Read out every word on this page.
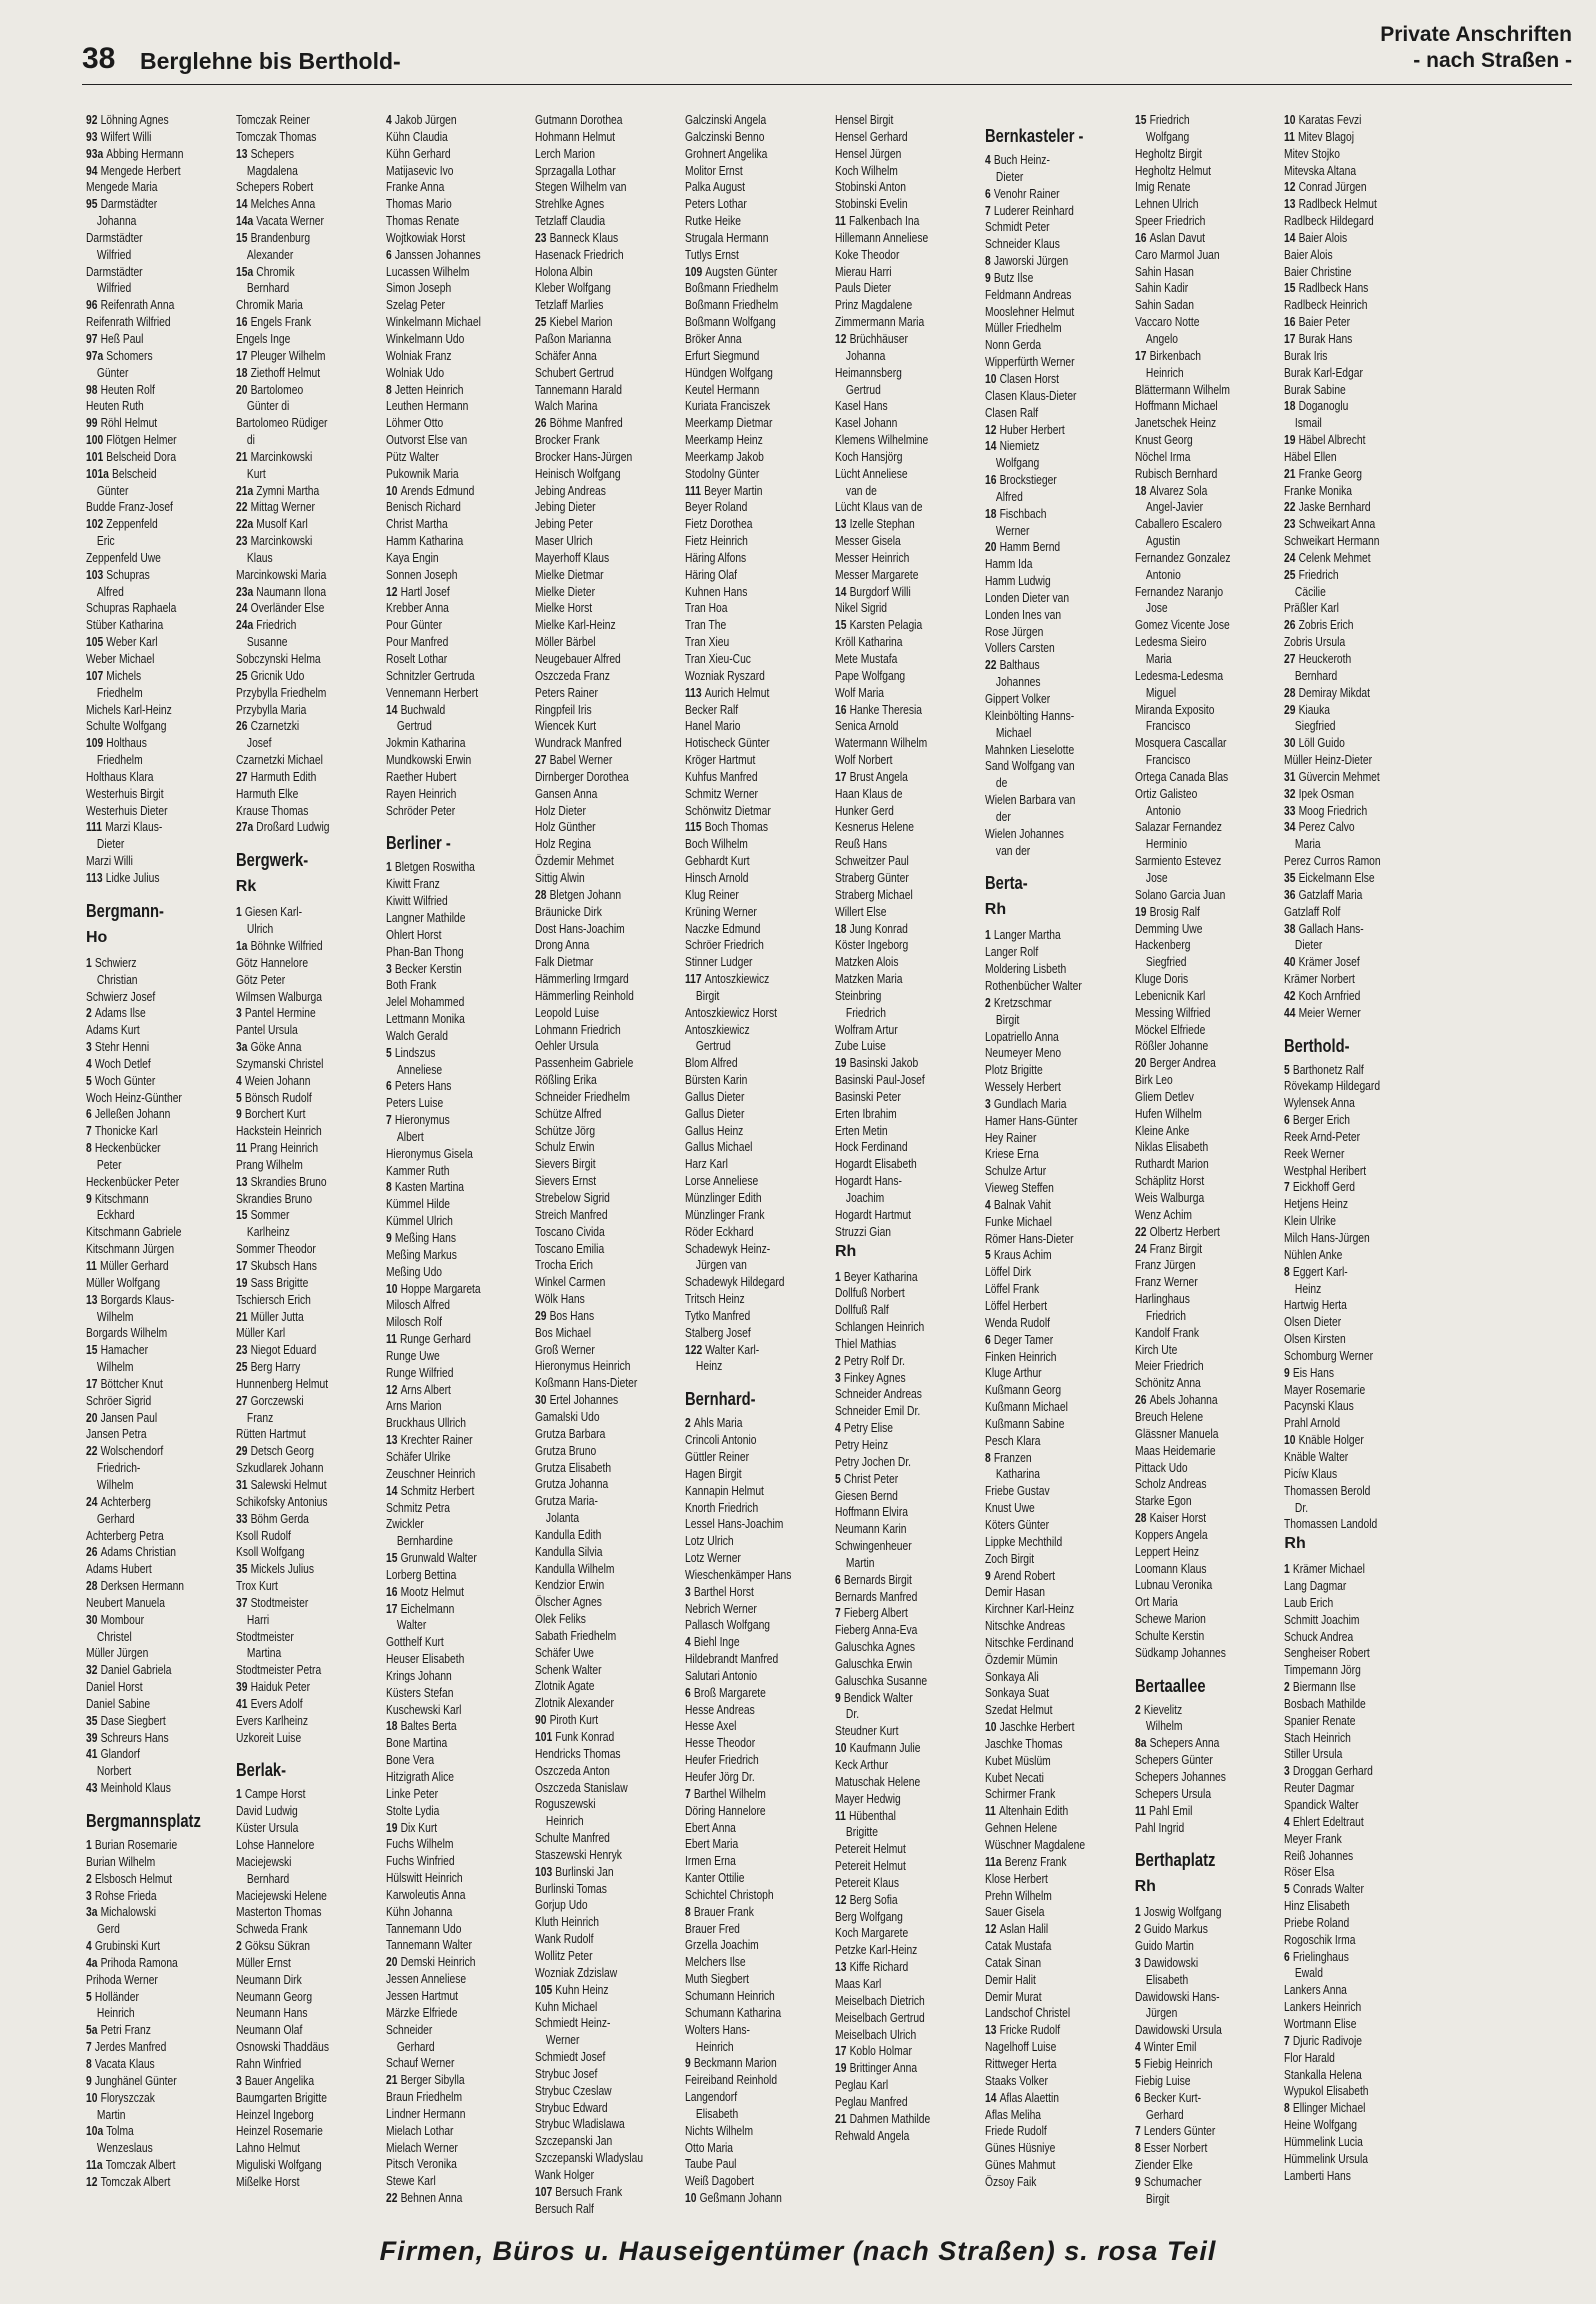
38 Berglehne bis Berthold-
Private Anschriften
- nach Straßen -
92 Löhning Agnes
93 Wilfert Willi
93a Abbing Hermann
94 Mengede Herbert
Mengede Maria
95 Darmstädter
Johanna
Darmstädter
Wilfried
Darmstädter
Wilfried
96 Reifenrath Anna
Reifenrath Wilfried
97 Heß Paul
97a Schomers
Günter
98 Heuten Rolf
Heuten Ruth
99 Röhl Helmut
100 Flötgen Helmer
101 Belscheid Dora
101a Belscheid
Günter
Budde Franz-Josef
102 Zeppenfeld
Eric
Zeppenfeld Uwe
103 Schupras
Alfred
Schupras Raphaela
Stüber Katharina
105 Weber Karl
Weber Michael
107 Michels
Friedhelm
Michels Karl-Heinz
Schulte Wolfgang
109 Holthaus
Friedhelm
Holthaus Klara
Westerhuis Birgit
Westerhuis Dieter
111 Marzi Klaus-
Dieter
Marzi Willi
113 Lidke Julius
Bergmann-
Ho
1 Schwierz
Christian
Schwierz Josef
2 Adams Ilse
Adams Kurt
3 Stehr Henni
4 Woch Detlef
5 Woch Günter
Woch Heinz-Günther
6 Jelleßen Johann
7 Thonicke Karl
8 Heckenbücker
Peter
Heckenbücker Peter
9 Kitschmann
Eckhard
Kitschmann Gabriele
Kitschmann Jürgen
11 Müller Gerhard
Müller Wolfgang
13 Borgards Klaus-
Wilhelm
Borgards Wilhelm
15 Hamacher
Wilhelm
17 Böttcher Knut
Schröer Sigrid
20 Jansen Paul
Jansen Petra
22 Wolschendorf
Friedrich-
Wilhelm
24 Achterberg
Gerhard
Achterberg Petra
26 Adams Christian
Adams Hubert
28 Derksen Hermann
Neubert Manuela
30 Mombour
Christel
Müller Jürgen
32 Daniel Gabriela
Daniel Horst
Daniel Sabine
35 Dase Siegbert
39 Schreurs Hans
41 Glandorf
Norbert
43 Meinhold Klaus
Bergmannsplatz
1 Burian Rosemarie
Burian Wilhelm
2 Elsbosch Helmut
3 Rohse Frieda
3a Michalowski
Gerd
4 Grubinski Kurt
4a Prihoda Ramona
Prihoda Werner
5 Holländer
Heinrich
5a Petri Franz
7 Jerdes Manfred
8 Vacata Klaus
9 Junghänel Günter
10 Floryszczak
Martin
10a Tolma
Wenzeslaus
11a Tomczak Albert
12 Tomczak Albert
Tomczak Reiner
Tomczak Thomas
13 Schepers
Magdalena
Schepers Robert
14 Melches Anna
14a Vacata Werner
15 Brandenburg
Alexander
15a Chromik
Bernhard
Chromik Maria
16 Engels Frank
Engels Inge
17 Pleuger Wilhelm
18 Ziethoff Helmut
20 Bartolomeo
Günter di
Bartolomeo Rüdiger
di
21 Marcinkowski
Kurt
21a Zymni Martha
22 Mittag Werner
22a Musolf Karl
23 Marcinkowski
Klaus
Marcinkowski Maria
23a Naumann Ilona
24 Overländer Else
24a Friedrich
Susanne
Sobczynski Helma
25 Gricnik Udo
Przybylla Friedhelm
Przybylla Maria
26 Czarnetzki
Josef
Czarnetzki Michael
27 Harmuth Edith
Harmuth Elke
Krause Thomas
27a Droßard Ludwig
Bergwerk-
Rk
1 Giesen Karl-
Ulrich
1a Böhnke Wilfried
Götz Hannelore
Götz Peter
Wilmsen Walburga
3 Pantel Hermine
Pantel Ursula
3a Göke Anna
Szymanski Christel
4 Weien Johann
5 Bönsch Rudolf
9 Borchert Kurt
Hackstein Heinrich
11 Prang Heinrich
Prang Wilhelm
13 Skrandies Bruno
Skrandies Bruno
15 Sommer
Karlheinz
Sommer Theodor
17 Skubsch Hans
19 Sass Brigitte
Tschiersch Erich
21 Müller Jutta
Müller Karl
23 Niegot Eduard
25 Berg Harry
Hunnenberg Helmut
27 Gorczewski
Franz
Rütten Hartmut
29 Detsch Georg
Szkudlarek Johann
31 Salewski Helmut
Schikofsky Antonius
33 Böhm Gerda
Ksoll Rudolf
Ksoll Wolfgang
35 Mickels Julius
Trox Kurt
37 Stodtmeister
Harri
Stodtmeister
Martina
Stodtmeister Petra
39 Haiduk Peter
41 Evers Adolf
Evers Karlheinz
Uzkoreit Luise
Berlak-
1 Campe Horst
David Ludwig
Küster Ursula
Lohse Hannelore
Maciejewski
Bernhard
Maciejewski Helene
Masterton Thomas
Schweda Frank
2 Göksu Sükran
Müller Ernst
Neumann Dirk
Neumann Georg
Neumann Hans
Neumann Olaf
Osnowski Thaddäus
Rahn Winfried
3 Bauer Angelika
Baumgarten Brigitte
Heinzel Ingeborg
Heinzel Rosemarie
Lahno Helmut
Miguliski Wolfgang
Mißelke Horst
4 Jakob Jürgen
Kühn Claudia
Kühn Gerhard
Matijasevic Ivo
Franke Anna
Thomas Mario
Thomas Renate
Wojtkowiak Horst
6 Janssen Johannes
Lucassen Wilhelm
Simon Joseph
Szelag Peter
Winkelmann Michael
Winkelmann Udo
Wolniak Franz
Wolniak Udo
8 Jetten Heinrich
Leuthen Hermann
Löhmer Otto
Outvorst Else van
Pütz Walter
Pukownik Maria
10 Arends Edmund
Benisch Richard
Christ Martha
Hamm Katharina
Kaya Engin
Sonnen Joseph
12 Hartl Josef
Krebber Anna
Pour Günter
Pour Manfred
Roselt Lothar
Schnitzler Gertruda
Vennemann Herbert
14 Buchwald
Gertrud
Jokmin Katharina
Mundkowski Erwin
Raether Hubert
Rayen Heinrich
Schröder Peter
Berliner -
1 Bletgen Roswitha
Kiwitt Franz
Kiwitt Wilfried
Langner Mathilde
Ohlert Horst
Phan-Ban Thong
3 Becker Kerstin
Both Frank
Jelel Mohammed
Lettmann Monika
Walch Gerald
5 Lindszus
Anneliese
6 Peters Hans
Peters Luise
7 Hieronymus
Albert
Hieronymus Gisela
Kammer Ruth
8 Kasten Martina
Kümmel Hilde
Kümmel Ulrich
9 Meßing Hans
Meßing Markus
Meßing Udo
10 Hoppe Margareta
Milosch Alfred
Milosch Rolf
11 Runge Gerhard
Runge Uwe
Runge Wilfried
12 Arns Albert
Arns Marion
Bruckhaus Ullrich
13 Krechter Rainer
Schäfer Ulrike
Zeuschner Heinrich
14 Schmitz Herbert
Schmitz Petra
Zwickler
Bernhardine
15 Grunwald Walter
Lorberg Bettina
16 Mootz Helmut
17 Eichelmann
Walter
Gotthelf Kurt
Heuser Elisabeth
Krings Johann
Küsters Stefan
Kuschewski Karl
18 Baltes Berta
Bone Martina
Bone Vera
Hitzigrath Alice
Linke Peter
Stolte Lydia
19 Dix Kurt
Fuchs Wilhelm
Fuchs Winfried
Hülswitt Heinrich
Karwoleutis Anna
Kühn Johanna
Tannemann Udo
Tannemann Walter
20 Demski Heinrich
Jessen Anneliese
Jessen Hartmut
Märzke Elfriede
Schneider
Gerhard
Schauf Werner
21 Berger Sibylla
Braun Friedhelm
Lindner Hermann
Mielach Lothar
Mielach Werner
Pitsch Veronika
Stewe Karl
22 Behnen Anna
Gutmann Dorothea
Hohmann Helmut
Lerch Marion
Sprzagalla Lothar
Stegen Wilhelm van
Strehlke Agnes
Tetzlaff Claudia
23 Banneck Klaus
Hasenack Friedrich
Holona Albin
Kleber Wolfgang
Tetzlaff Marlies
25 Kiebel Marion
Paßon Marianna
Schäfer Anna
Schubert Gertrud
Tannemann Harald
Walch Marina
26 Böhme Manfred
Brocker Frank
Brocker Hans-Jürgen
Heinisch Wolfgang
Jebing Andreas
Jebing Dieter
Jebing Peter
Maser Ulrich
Mayerhoff Klaus
Mielke Dietmar
Mielke Dieter
Mielke Horst
Mielke Karl-Heinz
Möller Bärbel
Neugebauer Alfred
Oszczeda Franz
Peters Rainer
Ringpfeil Iris
Wiencek Kurt
Wundrack Manfred
27 Babel Werner
Dirnberger Dorothea
Gansen Anna
Holz Dieter
Holz Günther
Holz Regina
Özdemir Mehmet
Sittig Alwin
28 Bletgen Johann
Bräunicke Dirk
Dost Hans-Joachim
Drong Anna
Falk Dietmar
Hämmerling Irmgard
Hämmerling Reinhold
Leopold Luise
Lohmann Friedrich
Oehler Ursula
Passenheim Gabriele
Rößling Erika
Schneider Friedhelm
Schütze Alfred
Schütze Jörg
Schulz Erwin
Sievers Birgit
Sievers Ernst
Strebelow Sigrid
Streich Manfred
Toscano Civida
Toscano Emilia
Trocha Erich
Winkel Carmen
Wölk Hans
29 Bos Hans
Bos Michael
Groß Werner
Hieronymus Heinrich
Koßmann Hans-Dieter
30 Ertel Johannes
Gamalski Udo
Grutza Barbara
Grutza Bruno
Grutza Elisabeth
Grutza Johanna
Grutza Maria-
Jolanta
Kandulla Edith
Kandulla Silvia
Kandulla Wilhelm
Kendzior Erwin
Ölscher Agnes
Olek Feliks
Sabath Friedhelm
Schäfer Uwe
Schenk Walter
Zlotnik Agate
Zlotnik Alexander
90 Piroth Kurt
101 Funk Konrad
Hendricks Thomas
Oszczeda Anton
Oszczeda Stanislaw
Roguszewski
Heinrich
Schulte Manfred
Staszewski Henryk
103 Burlinski Jan
Burlinski Tomas
Gorjup Udo
Kluth Heinrich
Wank Rudolf
Wollitz Peter
Wozniak Zdzislaw
105 Kuhn Heinz
Kuhn Michael
Schmiedt Heinz-
Werner
Schmiedt Josef
Strybuc Josef
Strybuc Czeslaw
Strybuc Edward
Strybuc Wladislawa
Szczepanski Jan
Szczepanski Wladyslau
Wank Holger
107 Bersuch Frank
Bersuch Ralf
Galczinski Angela
Galczinski Benno
Grohnert Angelika
Molitor Ernst
Palka August
Peters Lothar
Rutke Heike
Strugala Hermann
Tutlys Ernst
109 Augsten Günter
Boßmann Friedhelm
Boßmann Friedhelm
Boßmann Wolfgang
Bröker Anna
Erfurt Siegmund
Hündgen Wolfgang
Keutel Hermann
Kuriata Franciszek
Meerkamp Dietmar
Meerkamp Heinz
Meerkamp Jakob
Stodolny Günter
111 Beyer Martin
Beyer Roland
Fietz Dorothea
Fietz Heinrich
Häring Alfons
Häring Olaf
Kuhnen Hans
Tran Hoa
Tran The
Tran Xieu
Tran Xieu-Cuc
Wozniak Ryszard
113 Aurich Helmut
Becker Ralf
Hanel Mario
Hotischeck Günter
Kröger Hartmut
Kuhfus Manfred
Schmitz Werner
Schönwitz Dietmar
115 Boch Thomas
Boch Wilhelm
Gebhardt Kurt
Hinsch Arnold
Klug Reiner
Krüning Werner
Naczke Edmund
Schröer Friedrich
Stinner Ludger
117 Antoszkiewicz
Birgit
Antoszkiewicz Horst
Antoszkiewicz
Gertrud
Blom Alfred
Bürsten Karin
Gallus Dieter
Gallus Dieter
Gallus Heinz
Gallus Michael
Harz Karl
Lorse Anneliese
Münzlinger Edith
Münzlinger Frank
Röder Eckhard
Schadewyk Heinz-
Jürgen van
Schadewyk Hildegard
Tritsch Heinz
Tytko Manfred
Stalberg Josef
122 Walter Karl-
Heinz
Bernhard-
2 Ahls Maria
Crincoli Antonio
Güttler Reiner
Hagen Birgit
Kannapin Helmut
Knorth Friedrich
Lessel Hans-Joachim
Lotz Ulrich
Lotz Werner
Wieschenkämper Hans
3 Barthel Horst
Nebrich Werner
Pallasch Wolfgang
4 Biehl Inge
Hildebrandt Manfred
Salutari Antonio
6 Broß Margarete
Hesse Andreas
Hesse Axel
Hesse Theodor
Heufer Friedrich
Heufer Jörg Dr.
7 Barthel Wilhelm
Döring Hannelore
Ebert Anna
Ebert Maria
Irmen Erna
Kanter Ottilie
Schichtel Christoph
8 Brauer Frank
Brauer Fred
Grzella Joachim
Melchers Ilse
Muth Siegbert
Schumann Heinrich
Schumann Katharina
Wolters Hans-
Heinrich
9 Beckmann Marion
Feireiband Reinhold
Langendorf
Elisabeth
Nichts Wilhelm
Otto Maria
Taube Paul
Weiß Dagobert
10 Geßmann Johann
Hensel Birgit
Hensel Gerhard
Hensel Jürgen
Koch Wilhelm
Stobinski Anton
Stobinski Evelin
11 Falkenbach Ina
Hillemann Anneliese
Koke Theodor
Mierau Harri
Pauls Dieter
Prinz Magdalene
Zimmermann Maria
12 Brüchhäuser
Johanna
Heimannsberg
Gertrud
Kasel Hans
Kasel Johann
Klemens Wilhelmine
Koch Hansjörg
Lücht Anneliese
van de
Lücht Klaus van de
13 Izelle Stephan
Messer Gisela
Messer Heinrich
Messer Margarete
14 Burgdorf Willi
Nikel Sigrid
15 Karsten Pelagia
Kröll Katharina
Mete Mustafa
Pape Wolfgang
Wolf Maria
16 Hanke Theresia
Senica Arnold
Watermann Wilhelm
Wolf Norbert
17 Brust Angela
Haan Klaus de
Hunker Gerd
Kesnerus Helene
Reuß Hans
Schweitzer Paul
Straberg Günter
Straberg Michael
Willert Else
18 Jung Konrad
Köster Ingeborg
Matzken Alois
Matzken Maria
Steinbring
Friedrich
Wolfram Artur
Zube Luise
19 Basinski Jakob
Basinski Paul-Josef
Basinski Peter
Erten Ibrahim
Erten Metin
Hock Ferdinand
Hogardt Elisabeth
Hogardt Hans-
Joachim
Hogardt Hartmut
Struzzi Gian
Rh
1 Beyer Katharina
Dollfuß Norbert
Dollfuß Ralf
Schlangen Heinrich
Thiel Mathias
2 Petry Rolf Dr.
3 Finkey Agnes
Schneider Andreas
Schneider Emil Dr.
4 Petry Elise
Petry Heinz
Petry Jochen Dr.
5 Christ Peter
Giesen Bernd
Hoffmann Elvira
Neumann Karin
Schwingenheuer
Martin
6 Bernards Birgit
Bernards Manfred
7 Fieberg Albert
Fieberg Anna-Eva
Galuschka Agnes
Galuschka Erwin
Galuschka Susanne
9 Bendick Walter
Dr.
Steudner Kurt
10 Kaufmann Julie
Keck Arthur
Matuschak Helene
Mayer Hedwig
11 Hübenthal
Brigitte
Petereit Helmut
Petereit Helmut
Petereit Klaus
12 Berg Sofia
Berg Wolfgang
Koch Margarete
Petzke Karl-Heinz
13 Kiffe Richard
Maas Karl
Meiselbach Dietrich
Meiselbach Gertrud
Meiselbach Ulrich
17 Koblo Holmar
19 Brittinger Anna
Peglau Karl
Peglau Manfred
21 Dahmen Mathilde
Rehwald Angela
Bernkasteler -
4 Buch Heinz-
Dieter
6 Venohr Rainer
7 Luderer Reinhard
Schmidt Peter
Schneider Klaus
8 Jaworski Jürgen
9 Butz Ilse
Feldmann Andreas
Mooslehner Helmut
Müller Friedhelm
Nonn Gerda
Wipperfürth Werner
10 Clasen Horst
Clasen Klaus-Dieter
Clasen Ralf
12 Huber Herbert
14 Niemietz
Wolfgang
16 Brockstieger
Alfred
18 Fischbach
Werner
20 Hamm Bernd
Hamm Ida
Hamm Ludwig
Londen Dieter van
Londen Ines van
Rose Jürgen
Vollers Carsten
22 Balthaus
Johannes
Gippert Volker
Kleinbölting Hanns-
Michael
Mahnken Lieselotte
Sand Wolfgang van
de
Wielen Barbara van
der
Wielen Johannes
van der
Berta-
Rh
1 Langer Martha
Langer Rolf
Moldering Lisbeth
Rothenbücher Walter
2 Kretzschmar
Birgit
Lopatriello Anna
Neumeyer Meno
Plotz Brigitte
Wessely Herbert
3 Gundlach Maria
Hamer Hans-Günter
Hey Rainer
Kriese Erna
Schulze Artur
Vieweg Steffen
4 Balnak Vahit
Funke Michael
Römer Hans-Dieter
5 Kraus Achim
Löffel Dirk
Löffel Frank
Löffel Herbert
Wenda Rudolf
6 Deger Tamer
Finken Heinrich
Kluge Arthur
Kußmann Georg
Kußmann Michael
Kußmann Sabine
Pesch Klara
8 Franzen
Katharina
Friebe Gustav
Knust Uwe
Köters Günter
Lippke Mechthild
Zoch Birgit
9 Arend Robert
Demir Hasan
Kirchner Karl-Heinz
Nitschke Andreas
Nitschke Ferdinand
Özdemir Mümin
Sonkaya Ali
Sonkaya Suat
Szedat Helmut
10 Jaschke Herbert
Jaschke Thomas
Kubet Müslüm
Kubet Necati
Schirmer Frank
11 Altenhain Edith
Gehnen Helene
Wüschner Magdalene
11a Berenz Frank
Klose Herbert
Prehn Wilhelm
Sauer Gisela
12 Aslan Halil
Catak Mustafa
Catak Sinan
Demir Halit
Demir Murat
Landschof Christel
13 Fricke Rudolf
Nagelhoff Luise
Rittweger Herta
Staaks Volker
14 Aflas Alaettin
Aflas Meliha
Friede Rudolf
Günes Hüsniye
Günes Mahmut
Özsoy Faik
15 Friedrich
Wolfgang
Hegholtz Birgit
Hegholtz Helmut
Imig Renate
Lehnen Ulrich
Speer Friedrich
16 Aslan Davut
Caro Marmol Juan
Sahin Hasan
Sahin Kadir
Sahin Sadan
Vaccaro Notte
Angelo
17 Birkenbach
Heinrich
Blättermann Wilhelm
Hoffmann Michael
Janetschek Heinz
Knust Georg
Nöchel Irma
Rubisch Bernhard
18 Alvarez Sola
Angel-Javier
Caballero Escalero
Agustin
Fernandez Gonzalez
Antonio
Fernandez Naranjo
Jose
Gomez Vicente Jose
Ledesma Sieiro
Maria
Ledesma-Ledesma
Miguel
Miranda Exposito
Francisco
Mosquera Cascallar
Francisco
Ortega Canada Blas
Ortiz Galisteo
Antonio
Salazar Fernandez
Herminio
Sarmiento Estevez
Jose
Solano Garcia Juan
19 Brosig Ralf
Demming Uwe
Hackenberg
Siegfried
Kluge Doris
Lebenicnik Karl
Messing Wilfried
Möckel Elfriede
Rößler Johanne
20 Berger Andrea
Birk Leo
Gliem Detlev
Hufen Wilhelm
Kleine Anke
Niklas Elisabeth
Ruthardt Marion
Schäplitz Horst
Weis Walburga
Wenz Achim
22 Olbertz Herbert
24 Franz Birgit
Franz Jürgen
Franz Werner
Harlinghaus
Friedrich
Kandolf Frank
Kirch Ute
Meier Friedrich
Schönitz Anna
26 Abels Johanna
Breuch Helene
Glässner Manuela
Maas Heidemarie
Pittack Udo
Scholz Andreas
Starke Egon
28 Kaiser Horst
Koppers Angela
Leppert Heinz
Loomann Klaus
Lubnau Veronika
Ort Maria
Schewe Marion
Schulte Kerstin
Südkamp Johannes
Bertaallee
2 Kievelitz
Wilhelm
8a Schepers Anna
Schepers Günter
Schepers Johannes
Schepers Ursula
11 Pahl Emil
Pahl Ingrid
Berthaplatz
Rh
1 Joswig Wolfgang
2 Guido Markus
Guido Martin
3 Dawidowski
Elisabeth
Dawidowski Hans-
Jürgen
Dawidowski Ursula
4 Winter Emil
5 Fiebig Heinrich
Fiebig Luise
6 Becker Kurt-
Gerhard
7 Lenders Günter
8 Esser Norbert
Ziender Elke
9 Schumacher
Birgit
10 Karatas Fevzi
11 Mitev Blagoj
Mitev Stojko
Mitevska Altana
12 Conrad Jürgen
13 Radlbeck Helmut
Radlbeck Hildegard
14 Baier Alois
Baier Alois
Baier Christine
15 Radlbeck Hans
Radlbeck Heinrich
16 Baier Peter
17 Burak Hans
Burak Iris
Burak Karl-Edgar
Burak Sabine
18 Doganoglu
Ismail
19 Häbel Albrecht
Häbel Ellen
21 Franke Georg
Franke Monika
22 Jaske Bernhard
23 Schweikart Anna
Schweikart Hermann
24 Celenk Mehmet
25 Friedrich
Cäcilie
Präßler Karl
26 Zobris Erich
Zobris Ursula
27 Heuckeroth
Bernhard
28 Demiray Mikdat
29 Kiauka
Siegfried
30 Löll Guido
Müller Heinz-Dieter
31 Güvercin Mehmet
32 Ipek Osman
33 Moog Friedrich
34 Perez Calvo
Maria
Perez Curros Ramon
35 Eickelmann Else
36 Gatzlaff Maria
Gatzlaff Rolf
38 Gallach Hans-
Dieter
40 Krämer Josef
Krämer Norbert
42 Koch Arnfried
44 Meier Werner
Berthold-
5 Barthonetz Ralf
Rövekamp Hildegard
Wylensek Anna
6 Berger Erich
Reek Arnd-Peter
Reek Werner
Westphal Heribert
7 Eickhoff Gerd
Hetjens Heinz
Klein Ulrike
Milch Hans-Jürgen
Nühlen Anke
8 Eggert Karl-
Heinz
Hartwig Herta
Olsen Dieter
Olsen Kirsten
Schomburg Werner
9 Eis Hans
Mayer Rosemarie
Pacynski Klaus
Prahl Arnold
10 Knäble Holger
Knäble Walter
Picíw Klaus
Thomassen Berold
Dr.
Thomassen Landold
Rh
1 Krämer Michael
Lang Dagmar
Laub Erich
Schmitt Joachim
Schuck Andrea
Sengheiser Robert
Timpemann Jörg
2 Biermann Ilse
Bosbach Mathilde
Spanier Renate
Stach Heinrich
Stiller Ursula
3 Droggan Gerhard
Reuter Dagmar
Spandick Walter
4 Ehlert Edeltraut
Meyer Frank
Reiß Johannes
Röser Elsa
5 Conrads Walter
Hinz Elisabeth
Priebe Roland
Rogoschik Irma
6 Frielinghaus
Ewald
Lankers Anna
Lankers Heinrich
Wortmann Elise
7 Djuric Radivoje
Flor Harald
Stankalla Helena
Wypukol Elisabeth
8 Ellinger Michael
Heine Wolfgang
Hümmelink Lucia
Hümmelink Ursula
Lamberti Hans
Firmen, Büros u. Hauseigentümer (nach Straßen) s. rosa Teil
